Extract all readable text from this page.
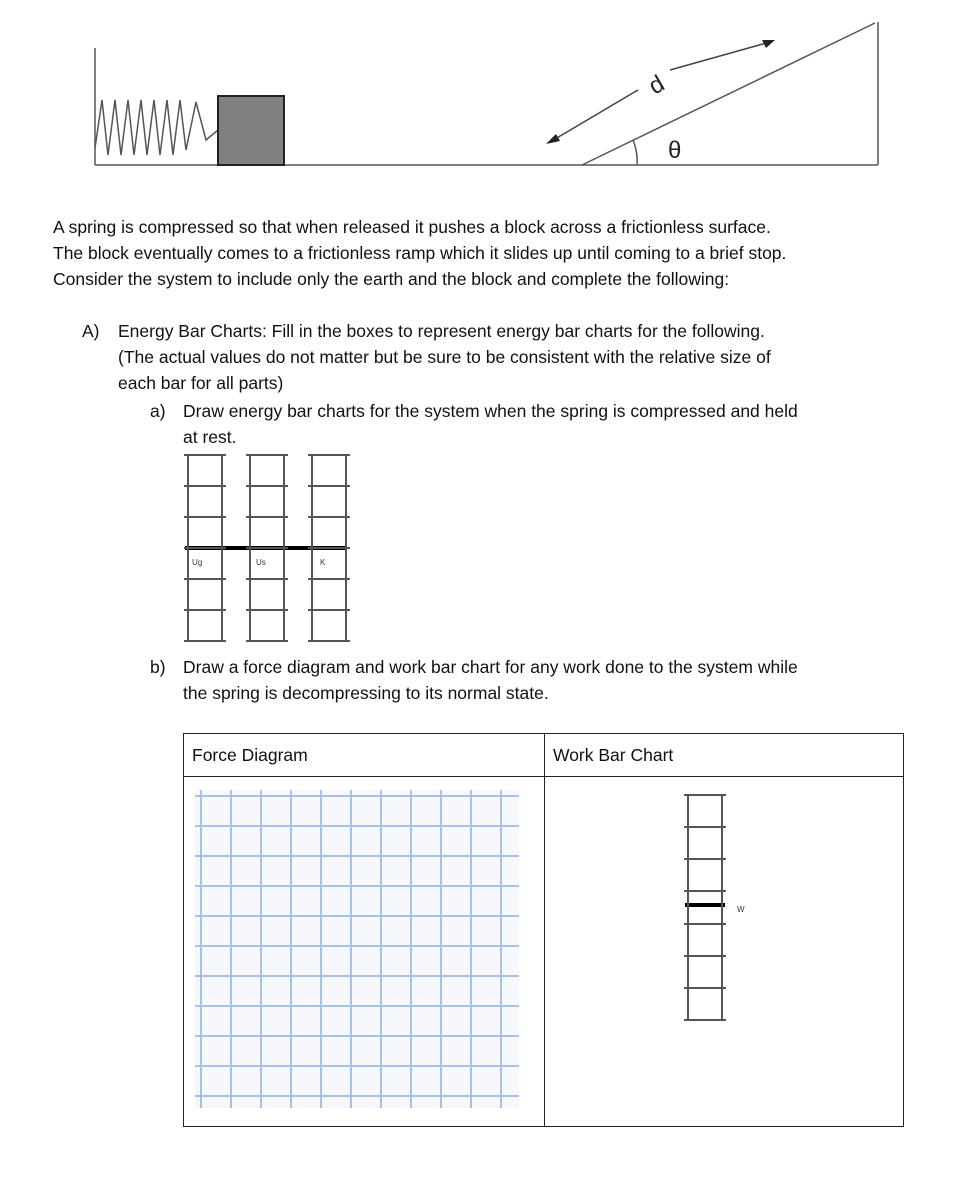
d
θ
A spring is compressed so that when released it pushes a block across a frictionless surface.
The block eventually comes to a frictionless ramp which it slides up until coming to a brief stop.
Consider the system to include only the earth and the block and complete the following:
A) Energy Bar Charts: Fill in the boxes to represent energy bar charts for the following.
(The actual values do not matter but be sure to be consistent with the relative size of
each bar for all parts)
a) Draw energy bar charts for the system when the spring is compressed and held
at rest.
Ug	Us	K
b) Draw a force diagram and work bar chart for any work done to the system while
the spring is decompressing to its normal state.
Force Diagram	Work Bar Chart

W
